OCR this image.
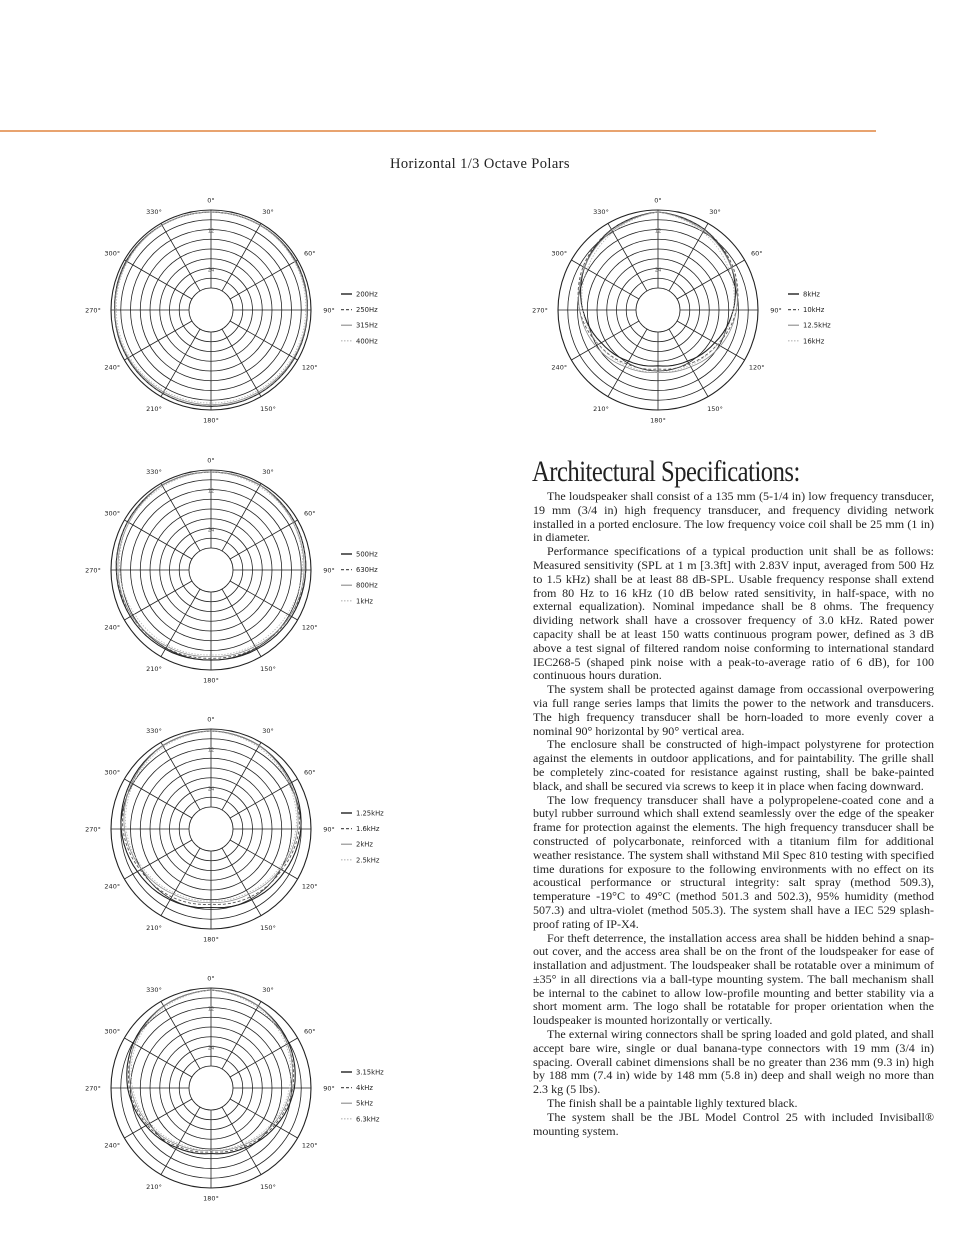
Horizontal 1/3 Octave Polars
12
24
0°
30°
60°
90°
120°
150°
180°
210°
240°
270°
300°
330°
200Hz
250Hz
315Hz
400Hz
12
24
0°
30°
60°
90°
120°
150°
180°
210°
240°
270°
300°
330°
8kHz
10kHz
12.5kHz
16kHz
12
24
0°
30°
60°
90°
120°
150°
180°
210°
240°
270°
300°
330°
500Hz
630Hz
800Hz
1kHz
12
24
0°
30°
60°
90°
120°
150°
180°
210°
240°
270°
300°
330°
1.25kHz
1.6kHz
2kHz
2.5kHz
12
24
0°
30°
60°
90°
120°
150°
180°
210°
240°
270°
300°
330°
3.15kHz
4kHz
5kHz
6.3kHz
Architectural Specifications:

The loudspeaker shall consist of a 135 mm (5-1/4 in) low frequency transducer, 19 mm (3/4 in) high frequency transducer, and frequency dividing network installed in a ported enclosure. The low frequency voice coil shall be 25 mm (1 in) in diameter.

Performance specifications of a typical production unit shall be as follows: Measured sensitivity (SPL at 1 m [3.3ft] with 2.83V input, averaged from 500 Hz to 1.5 kHz) shall be at least 88 dB-SPL. Usable frequency response shall extend from 80 Hz to 16 kHz (10 dB below rated sensitivity, in half-space, with no external equalization). Nominal impedance shall be 8 ohms. The frequency dividing network shall have a crossover frequency of 3.0 kHz. Rated power capacity shall be at least 150 watts continuous program power, defined as 3 dB above a test signal of filtered random noise conforming to international standard IEC268-5 (shaped pink noise with a peak-to-average ratio of 6 dB), for 100 continuous hours duration.

The system shall be protected against damage from occassional overpowering via full range series lamps that limits the power to the network and transducers. The high frequency transducer shall be horn-loaded to more evenly cover a nominal 90° horizontal by 90° vertical area.

The enclosure shall be constructed of high-impact polystyrene for protection against the elements in outdoor applications, and for paintability. The grille shall be completely zinc-coated for resistance against rusting, shall be bake-painted black, and shall be secured via screws to keep it in place when facing downward.

The low frequency transducer shall have a polypropelene-coated cone and a butyl rubber surround which shall extend seamlessly over the edge of the speaker frame for protection against the elements. The high frequency transducer shall be constructed of polycarbonate, reinforced with a titanium film for additional weather resistance. The system shall withstand Mil Spec 810 testing with specified time durations for exposure to the following environments with no effect on its acoustical performance or structural integrity: salt spray (method 509.3), temperature -19°C to 49°C (method 501.3 and 502.3), 95% humidity (method 507.3) and ultra-violet (method 505.3). The system shall have a IEC 529 splash-proof rating of IP-X4.

For theft deterrence, the installation access area shall be hidden behind a snap-out cover, and the access area shall be on the front of the loudspeaker for ease of installation and adjustment. The loudspeaker shall be rotatable over a minimum of ±35° in all directions via a ball-type mounting system. The ball mechanism shall be internal to the cabinet to allow low-profile mounting and better stability via a short moment arm. The logo shall be rotatable for proper orientation when the loudspeaker is mounted horizontally or vertically.

The external wiring connectors shall be spring loaded and gold plated, and shall accept bare wire, single or dual banana-type connectors with 19 mm (3/4 in) spacing. Overall cabinet dimensions shall be no greater than 236 mm (9.3 in) high by 188 mm (7.4 in) wide by 148 mm (5.8 in) deep and shall weigh no more than 2.3 kg (5 lbs).

The finish shall be a paintable lighly textured black.

The system shall be the JBL Model Control 25 with included Invisiball® mounting system.
